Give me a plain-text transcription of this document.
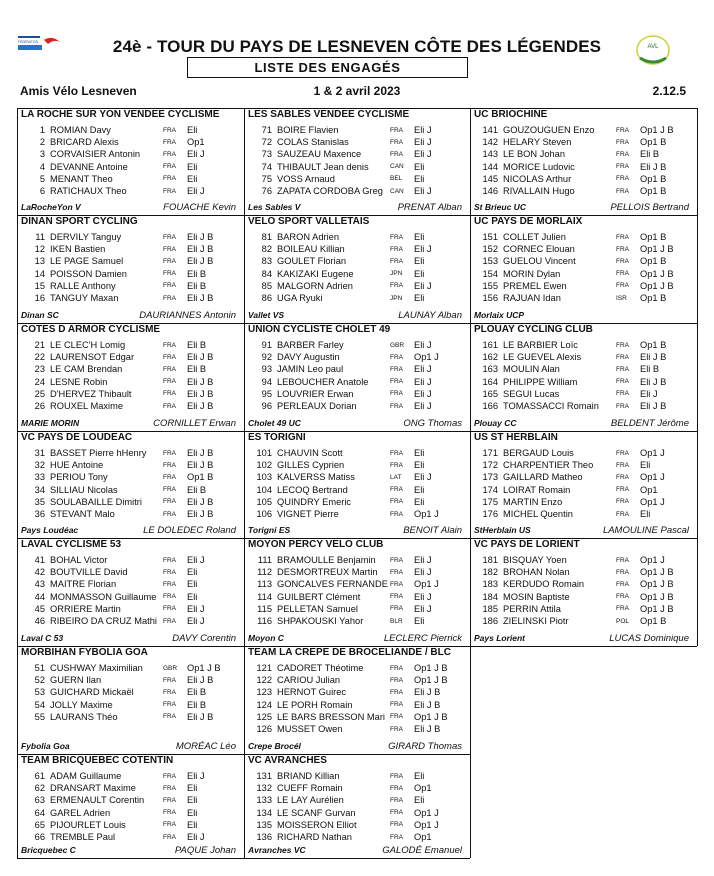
FÉDÉRATION
AVL
24è - TOUR DU PAYS DE LESNEVEN CÔTE DES LÉGENDES
LISTE DES ENGAGÉS
Amis Vélo Lesneven	1 & 2 avril 2023	2.12.5
LA ROCHE SUR YON VENDEE CYCLISME
1 ROMIAN Davy	FRA Eli
2 BRICARD Alexis	FRA Op1
3 CORVAISIER Antonin	FRA Eli J
4 DEVANNE Antoine	FRA Eli
5 MENANT Theo	FRA Eli
6 RATICHAUX Theo	FRA Eli J
LaRocheYon V	FOUACHE Kevin
DINAN SPORT CYCLING
11 DERVILY Tanguy	FRA Eli J B
12 IKEN Bastien	FRA Eli J B
13 LE PAGE Samuel	FRA Eli J B
14 POISSON Damien	FRA Eli B
15 RALLE Anthony	FRA Eli B
16 TANGUY Maxan	FRA Eli J B
Dinan SC	DAURIANNES Antonin
COTES D ARMOR CYCLISME
21 LE CLEC'H Lomig	FRA Eli B
22 LAURENSOT Edgar	FRA Eli J B
23 LE CAM Brendan	FRA Eli B
24 LESNE Robin	FRA Eli J B
25 D'HERVEZ Thibault	FRA Eli J B
26 ROUXEL Maxime	FRA Eli J B
MARIE MORIN	CORNILLET Erwan
VC PAYS DE LOUDEAC
31 BASSET Pierre hHenry	FRA Eli J B
32 HUE Antoine	FRA Eli J B
33 PERIOU Tony	FRA Op1 B
34 SILLIAU Nicolas	FRA Eli B
35 SOULABAILLE Dimitri	FRA Eli J B
36 STEVANT Malo	FRA Eli J B
Pays Loudéac	LE DOLEDEC Roland
LAVAL CYCLISME 53
41 BOHAL Victor	FRA Eli J
42 BOUTVILLE David	FRA Eli
43 MAITRE Florian	FRA Eli
44 MONMASSON Guillaume FRA Eli
45 ORRIERE Martin	FRA Eli J
46 RIBEIRO DA CRUZ Mathi FRA Eli J
Laval C 53	DAVY Corentin
MORBIHAN FYBOLIA GOA
51 CUSHWAY Maximilian	GBR Op1 J B
52 GUERN Ilan	FRA Eli J B
53 GUICHARD Mickaël	FRA Eli B
54 JOLLY Maxime	FRA Eli B
55 LAURANS Théo	FRA Eli J B
Fybolia Goa	MORÉAC Léo
TEAM BRICQUEBEC COTENTIN
61 ADAM Guillaume	FRA Eli J
62 DRANSART Maxime	FRA Eli
63 ERMENAULT Corentin	FRA Eli
64 GAREL Adrien	FRA Eli
65 PIJOURLET Louis	FRA Eli
66 TREMBLE Paul	FRA Eli J
Bricquebec C	PAQUE Johan
LES SABLES VENDEE CYCLISME
71 BOIRE Flavien	FRA Eli J
72 COLAS Stanislas	FRA Eli J
73 SAUZEAU Maxence	FRA Eli J
74 THIBAULT Jean denis	CAN Eli
75 VOSS Arnaud	BEL Eli
76 ZAPATA CORDOBA Greg CAN Eli J
Les Sables V	PRENAT Alban
VELO SPORT VALLETAIS
81 BARON Adrien	FRA Eli
82 BOILEAU Killian	FRA Eli J
83 GOULET Florian	FRA Eli
84 KAKIZAKI Eugene	JPN Eli
85 MALGORN Adrien	FRA Eli J
86 UGA Ryuki	JPN Eli
Vallet VS	LAUNAY Alban
UNION CYCLISTE CHOLET 49
91 BARBER Farley	GBR Eli J
92 DAVY Augustin	FRA Op1 J
93 JAMIN Leo paul	FRA Eli J
94 LEBOUCHER Anatole	FRA Eli J
95 LOUVRIER Erwan	FRA Eli J
96 PERLEAUX Dorian	FRA Eli J
Cholet 49 UC	ONG Thomas
ES TORIGNI
101 CHAUVIN Scott	FRA Eli
102 GILLES Cyprien	FRA Eli
103 KALVERSS Matiss	LAT Eli J
104 LECOQ Bertrand	FRA Eli
105 QUINDRY Emeric	FRA Eli
106 VIGNET Pierre	FRA Op1 J
Torigni ES	BENOIT Alain
MOYON PERCY VELO CLUB
111 BRAMOULLE Benjamin FRA Eli J
112 DESMORTREUX Martin FRA Eli J
113 GONCALVES FERNANDE FRA Op1 J
114 GUILBERT Clément	FRA Eli J
115 PELLETAN Samuel	FRA Eli J
116 SHPAKOUSKI Yahor	BLR Eli
Moyon C	LECLERC Pierrick
TEAM LA CREPE DE BROCELIANDE / BLC
121 CADORET Théotime	FRA Op1 J B
122 CARIOU Julian	FRA Op1 J B
123 HERNOT Guirec	FRA Eli J B
124 LE PORH Romain	FRA Eli J B
125 LE BARS BRESSON Mari FRA Op1 J B
126 MUSSET Owen	FRA Eli J B
Crepe Brocél	GIRARD Thomas
VC AVRANCHES
131 BRIAND Killian	FRA Eli
132 CUEFF Romain	FRA Op1
133 LE LAY Aurélien	FRA Eli
134 LE SCANF Gurvan	FRA Op1 J
135 MOISSERON Elliot	FRA Op1 J
136 RICHARD Nathan	FRA Op1
Avranches VC	GALODÉ Emanuel
UC BRIOCHINE
141 GOUZOUGUEN Enzo	FRA Op1 J B
142 HELARY Steven	FRA Op1 B
143 LE BON Johan	FRA Eli B
144 MORICE Ludovic	FRA Eli J B
145 NICOLAS Arthur	FRA Op1 B
146 RIVALLAIN Hugo	FRA Op1 B
St Brieuc UC	PELLOIS Bertrand
UC PAYS DE MORLAIX
151 COLLET Julien	FRA Op1 B
152 CORNEC Elouan	FRA Op1 J B
153 GUELOU Vincent	FRA Op1 B
154 MORIN Dylan	FRA Op1 J B
155 PREMEL Ewen	FRA Op1 J B
156 RAJUAN Idan	ISR Op1 B
Morlaix UCP
PLOUAY CYCLING CLUB
161 LE BARBIER Loïc	FRA Op1 B
162 LE GUEVEL Alexis	FRA Eli J B
163 MOULIN Alan	FRA Eli B
164 PHILIPPE William	FRA Eli J B
165 SEGUI Lucas	FRA Eli J
166 TOMASSACCI Romain	FRA Eli J B
Plouay CC	BELDENT Jérôme
US ST HERBLAIN
171 BERGAUD Louis	FRA Op1 J
172 CHARPENTIER Theo	FRA Eli
173 GAILLARD Matheo	FRA Op1 J
174 LOIRAT Romain	FRA Op1
175 MARTIN Enzo	FRA Op1 J
176 MICHEL Quentin	FRA Eli
StHerblain US	LAMOULINE Pascal
VC PAYS DE LORIENT
181 BISQUAY Yoen	FRA Op1 J
182 BROHAN Nolan	FRA Op1 J B
183 KERDUDO Romain	FRA Op1 J B
184 MOSIN Baptiste	FRA Op1 J B
185 PERRIN Attila	FRA Op1 J B
186 ZIELINSKI Piotr	POL Op1 B
Pays Lorient	LUCAS Dominique
